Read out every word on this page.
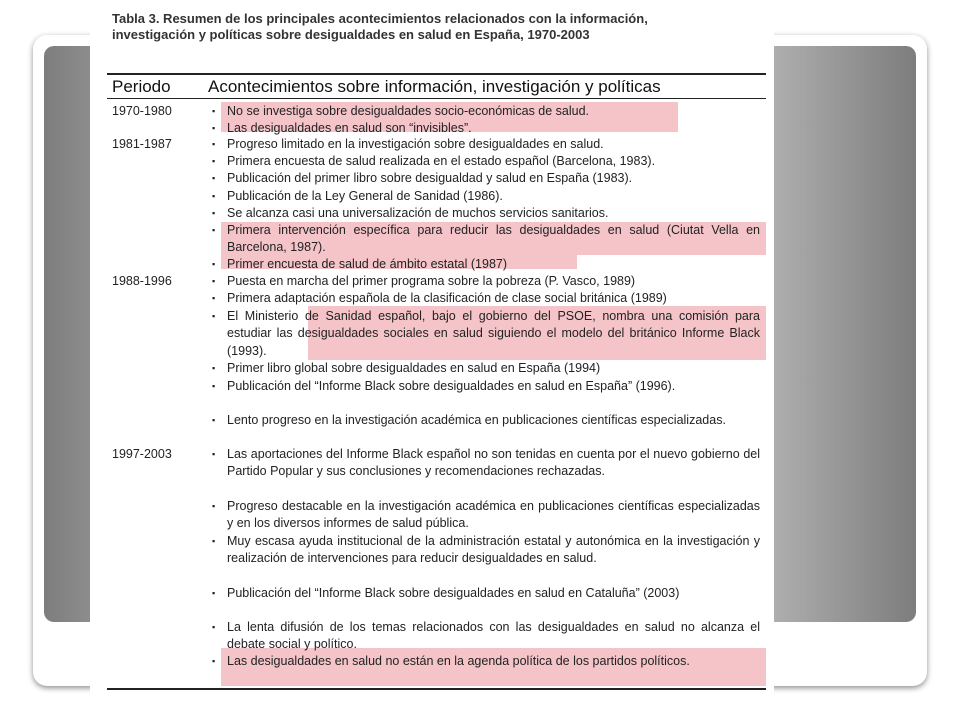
Tabla 3. Resumen de los principales acontecimientos relacionados con la información,
investigación y políticas sobre desigualdades en salud en España, 1970-2003
Periodo Acontecimientos sobre información, investigación y políticas
1970-1980
1981-1987
1988-1996
1997-2003
▪ No se investiga sobre desigualdades socio-económicas de salud.
▪ Las desigualdades en salud son “invisibles”.
▪ Progreso limitado en la investigación sobre desigualdades en salud.
▪ Primera encuesta de salud realizada en el estado español (Barcelona, 1983).
▪ Publicación del primer libro sobre desigualdad y salud en España (1983).
▪ Publicación de la Ley General de Sanidad (1986).
▪ Se alcanza casi una universalización de muchos servicios sanitarios.
▪ Primera intervención específica para reducir las desigualdades en salud (Ciutat Vella en Barcelona, 1987).
▪ Primer encuesta de salud de ámbito estatal (1987)
▪ Puesta en marcha del primer programa sobre la pobreza (P. Vasco, 1989)
▪ Primera adaptación española de la clasificación de clase social británica (1989)
▪ El Ministerio de Sanidad español, bajo el gobierno del PSOE, nombra una comisión para estudiar las desigualdades sociales en salud siguiendo el modelo del británico Informe Black (1993).
▪ Primer libro global sobre desigualdades en salud en España (1994)
▪ Publicación del “Informe Black sobre desigualdades en salud en España” (1996).
▪ Lento progreso en la investigación académica en publicaciones científicas especializadas.
▪ Las aportaciones del Informe Black español no son tenidas en cuenta por el nuevo gobierno del Partido Popular y sus conclusiones y recomendaciones rechazadas.
▪ Progreso destacable en la investigación académica en publicaciones científicas especializadas y en los diversos informes de salud pública.
▪ Muy escasa ayuda institucional de la administración estatal y autonómica en la investigación y realización de intervenciones para reducir desigualdades en salud.
▪ Publicación del “Informe Black sobre desigualdades en salud en Cataluña” (2003)
▪ La lenta difusión de los temas relacionados con las desigualdades en salud no alcanza el debate social y político.
▪ Las desigualdades en salud no están en la agenda política de los partidos políticos.
